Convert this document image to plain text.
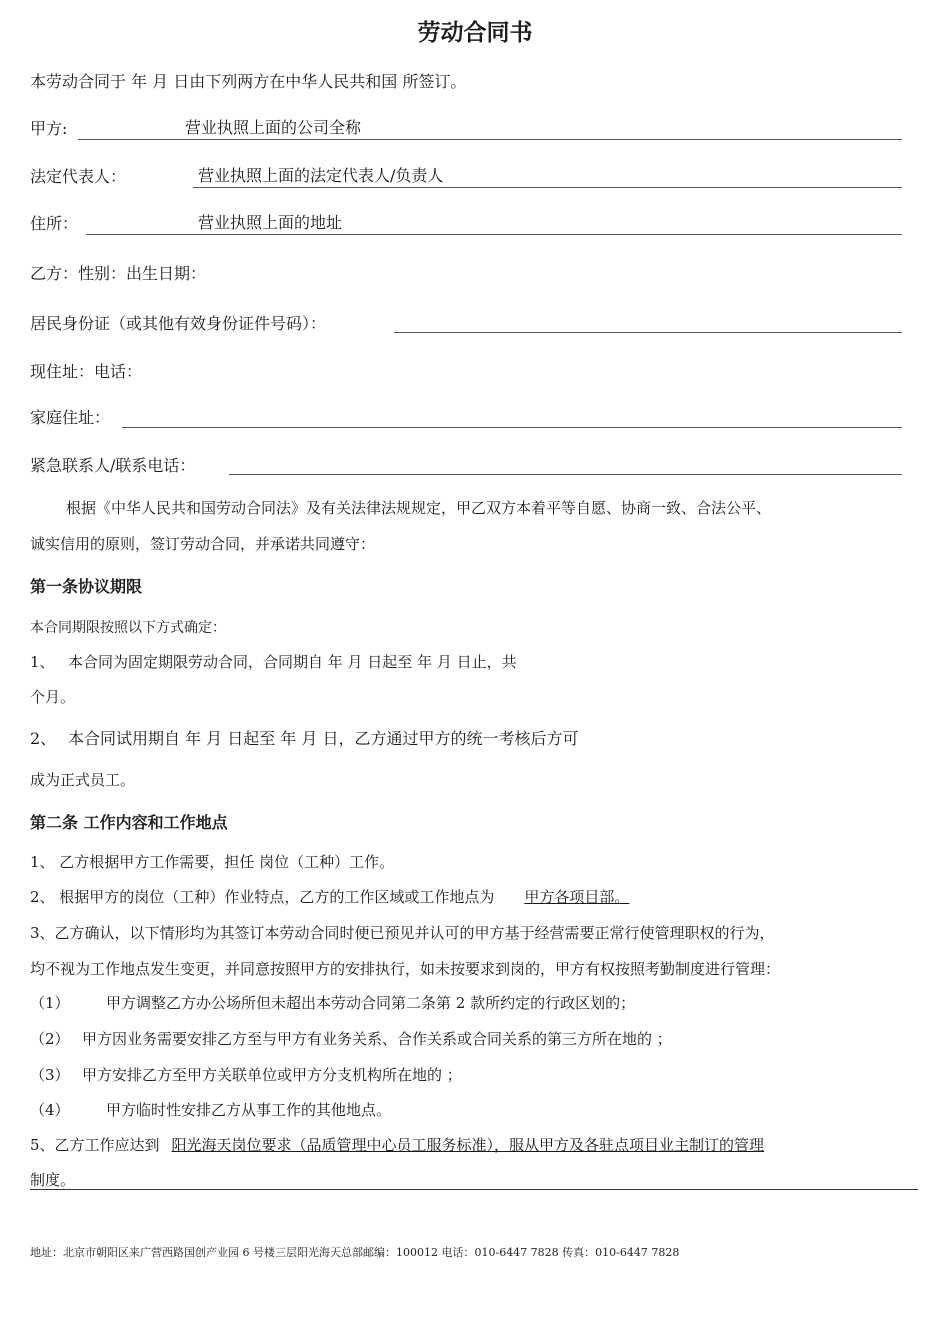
劳动合同书
本劳动合同于 年 月 日由下列两方在中华人民共和国 所签订。
甲方:	营业执照上面的公司全称
法定代表人：	营业执照上面的法定代表人/负责人
住所：	营业执照上面的地址
乙方：性别：出生日期：
居民身份证（或其他有效身份证件号码）：
现住址：电话：
家庭住址：
紧急联系人/联系电话：
根据《中华人民共和国劳动合同法》及有关法律法规规定，甲乙双方本着平等自愿、协商一致、合法公平、
诚实信用的原则，签订劳动合同，并承诺共同遵守：
第一条协议期限
本合同期限按照以下方式确定：
1、 本合同为固定期限劳动合同，合同期自 年 月 日起至 年 月 日止，共
个月。
2、 本合同试用期自 年 月 日起至 年 月 日，乙方通过甲方的统一考核后方可
成为正式员工。
第二条 工作内容和工作地点
1、 乙方根据甲方工作需要，担任 岗位（工种）工作。
2、 根据甲方的岗位（工种）作业特点，乙方的工作区域或工作地点为 甲方各项目部。
3、乙方确认，以下情形均为其签订本劳动合同时便已预见并认可的甲方基于经营需要正常行使管理职权的行为，
均不视为工作地点发生变更，并同意按照甲方的安排执行，如未按要求到岗的，甲方有权按照考勤制度进行管理：
（1） 甲方调整乙方办公场所但未超出本劳动合同第二条第 2 款所约定的行政区划的；
（2） 甲方因业务需要安排乙方至与甲方有业务关系、合作关系或合同关系的第三方所在地的 ；
（3） 甲方安排乙方至甲方关联单位或甲方分支机构所在地的 ；
（4） 甲方临时性安排乙方从事工作的其他地点。
5、乙方工作应达到 阳光海天岗位要求（品质管理中心员工服务标准），服从甲方及各驻点项目业主制订的管理
制度。
地址：北京市朝阳区来广营西路国创产业园 6 号楼三层阳光海天总部邮编：100012 电话：010-6447 7828 传真：010-6447 7828
